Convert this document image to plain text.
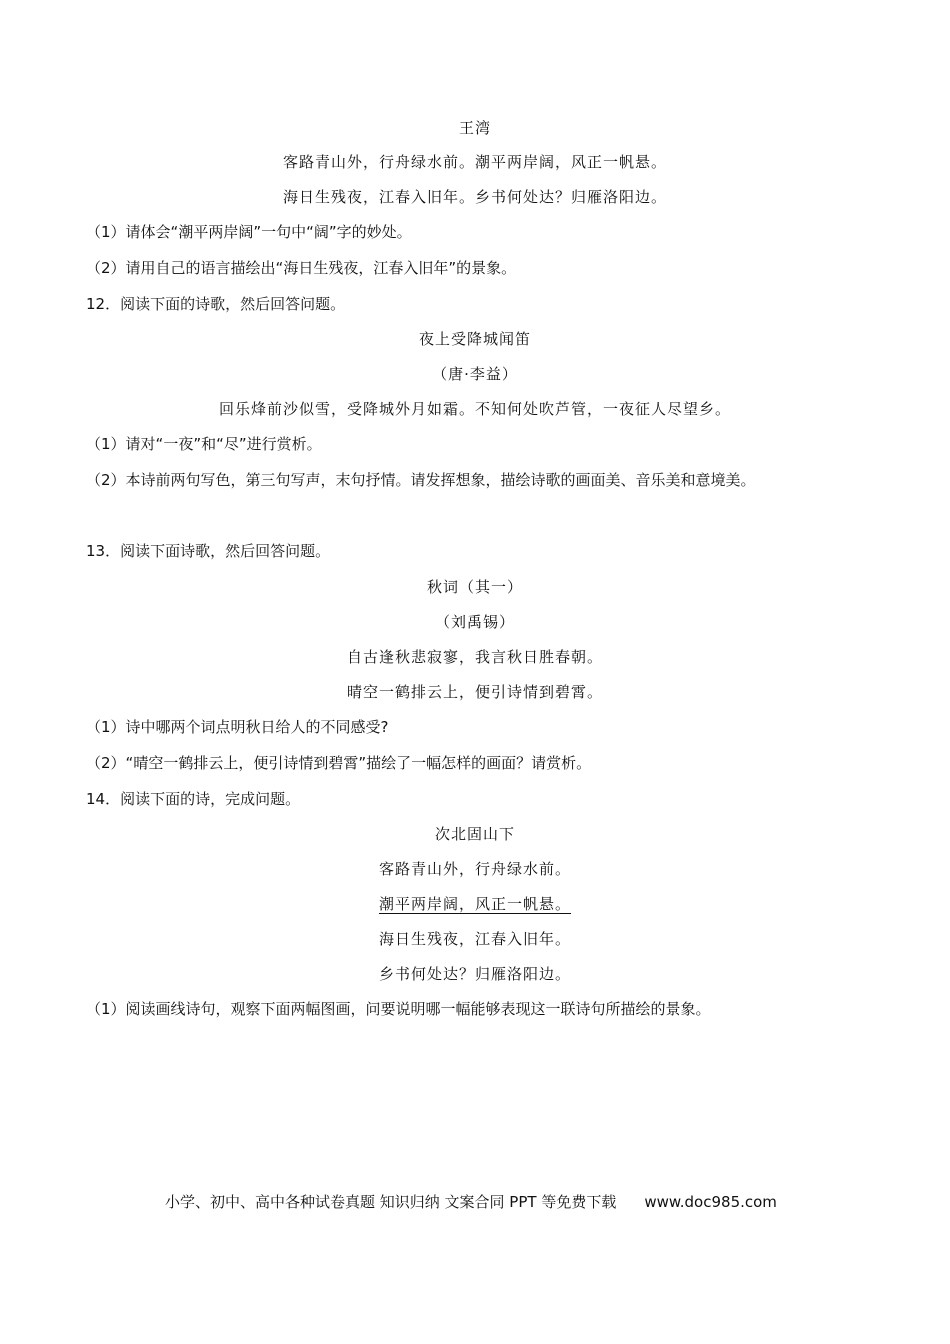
王湾
客路青山外，行舟绿水前。潮平两岸阔，风正一帆悬。
海日生残夜，江春入旧年。乡书何处达？归雁洛阳边。
（1）请体会“潮平两岸阔”一句中“阔”字的妙处。
（2）请用自己的语言描绘出“海日生残夜，江春入旧年”的景象。
12．阅读下面的诗歌，然后回答问题。
夜上受降城闻笛
（唐·李益）
回乐烽前沙似雪，受降城外月如霜。不知何处吹芦管，一夜征人尽望乡。
（1）请对“一夜”和“尽”进行赏析。
（2）本诗前两句写色，第三句写声，末句抒情。请发挥想象，描绘诗歌的画面美、音乐美和意境美。
13．阅读下面诗歌，然后回答问题。
秋词（其一）
（刘禹锡）
自古逢秋悲寂寥，我言秋日胜春朝。
晴空一鹤排云上，便引诗情到碧霄。
（1）诗中哪两个词点明秋日给人的不同感受?
（2）“晴空一鹤排云上，便引诗情到碧霄”描绘了一幅怎样的画面？请赏析。
14．阅读下面的诗，完成问题。
次北固山下
客路青山外，行舟绿水前。
潮平两岸阔，风正一帆悬。
海日生残夜，江春入旧年。
乡书何处达？归雁洛阳边。
（1）阅读画线诗句，观察下面两幅图画，问要说明哪一幅能够表现这一联诗句所描绘的景象。
小学、初中、高中各种试卷真题 知识归纳 文案合同 PPT 等免费下载 www.doc985.com
